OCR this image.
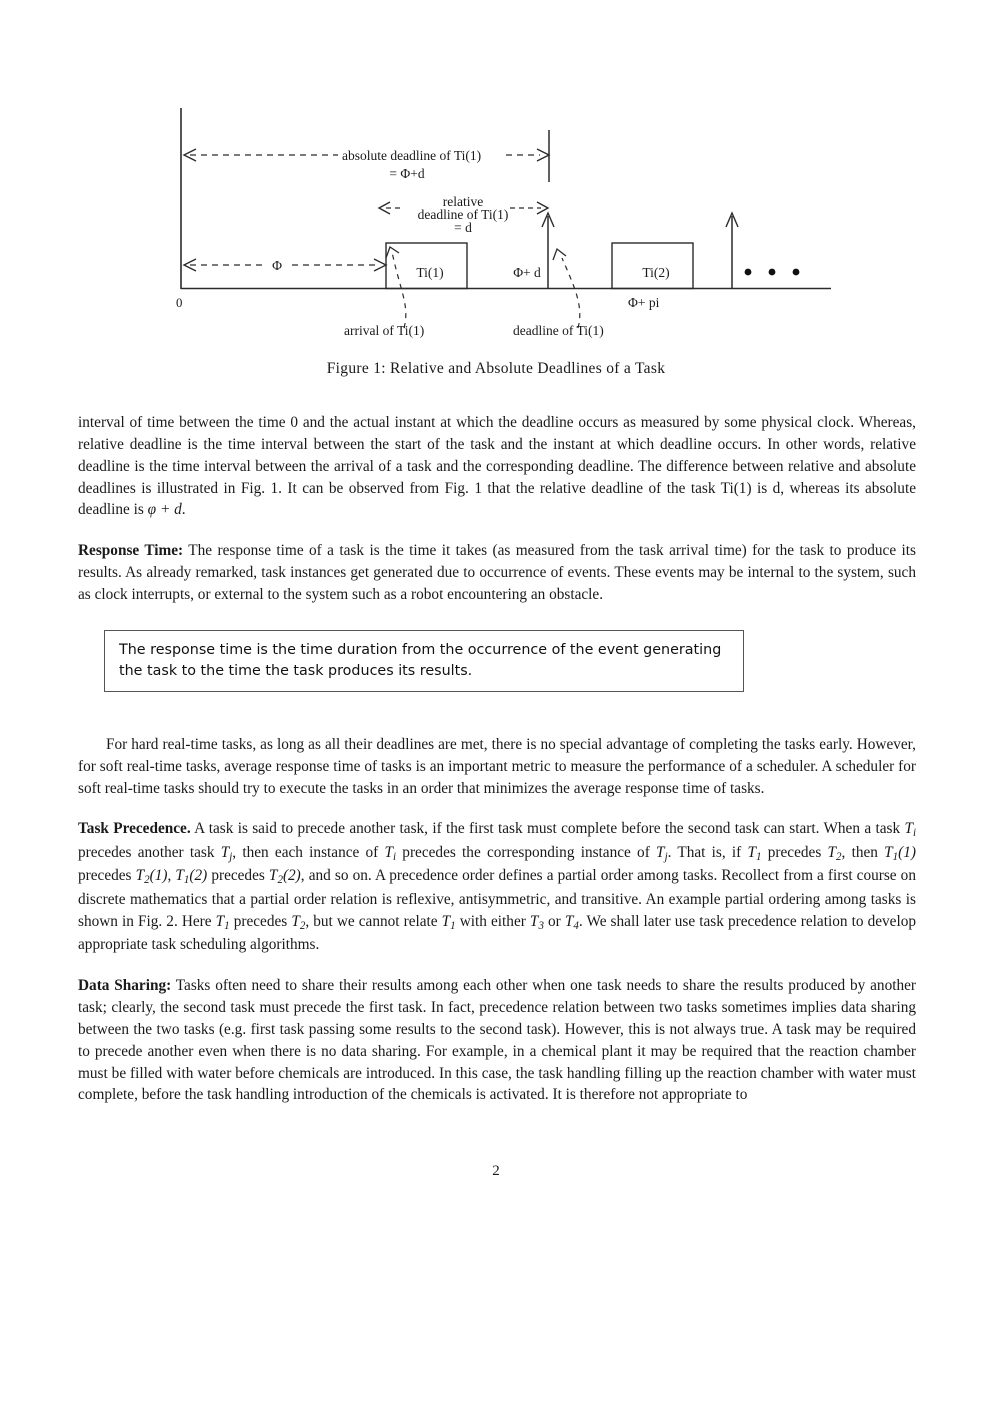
0
absolute deadline of Ti(1)
= Φ+d
relative
deadline of Ti(1)
= d
Φ	Ti(1)	Ti(2)
Φ+ d
Φ+ pi
arrival of Ti(1)	deadline of Ti(1)
Figure 1: Relative and Absolute Deadlines of a Task

interval of time between the time 0 and the actual instant at which the deadline occurs as measured by some physical clock. Whereas, relative deadline is the time interval between the start of the task and the instant at which deadline occurs. In other words, relative deadline is the time interval between the arrival of a task and the corresponding deadline. The difference between relative and absolute deadlines is illustrated in Fig. 1. It can be observed from Fig. 1 that the relative deadline of the task Ti(1) is d, whereas its absolute deadline is φ + d.

Response Time: The response time of a task is the time it takes (as measured from the task arrival time) for the task to produce its results. As already remarked, task instances get generated due to occurrence of events. These events may be internal to the system, such as clock interrupts, or external to the system such as a robot encountering an obstacle.

For hard real-time tasks, as long as all their deadlines are met, there is no special advantage of completing the tasks early. However, for soft real-time tasks, average response time of tasks is an important metric to measure the performance of a scheduler. A scheduler for soft real-time tasks should try to execute the tasks in an order that minimizes the average response time of tasks.

Task Precedence. A task is said to precede another task, if the first task must complete before the second task can start. When a task $T_i$ precedes another task $T_j$, then each instance of $T_i$ precedes the corresponding instance of $T_j$. That is, if $T_1$ precedes $T_2$, then $T_1(1)$ precedes $T_2(1)$, $T_1(2)$ precedes $T_2(2)$, and so on. A precedence order defines a partial order among tasks. Recollect from a first course on discrete mathematics that a partial order relation is reflexive, antisymmetric, and transitive. An example partial ordering among tasks is shown in Fig. 2. Here $T_1$ precedes $T_2$, but we cannot relate $T_1$ with either $T_3$ or $T_4$. We shall later use task precedence relation to develop appropriate task scheduling algorithms.

Data Sharing: Tasks often need to share their results among each other when one task needs to share the results produced by another task; clearly, the second task must precede the first task. In fact, precedence relation between two tasks sometimes implies data sharing between the two tasks (e.g. first task passing some results to the second task). However, this is not always true. A task may be required to precede another even when there is no data sharing. For example, in a chemical plant it may be required that the reaction chamber must be filled with water before chemicals are introduced. In this case, the task handling filling up the reaction chamber with water must complete, before the task handling introduction of the chemicals is activated. It is therefore not appropriate to

The response time is the time duration from the occurrence of the event generating the task to the time the task produces its results.
2
